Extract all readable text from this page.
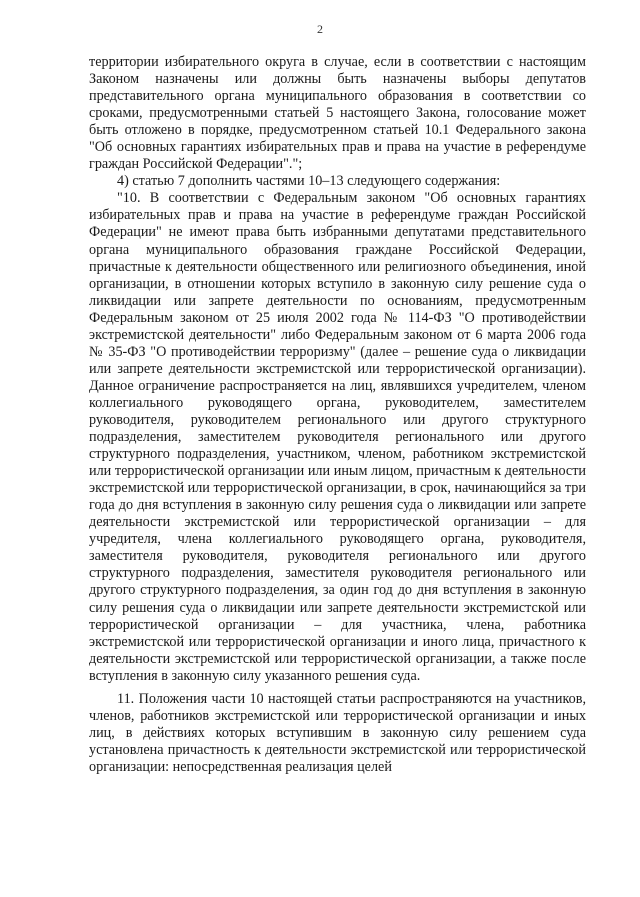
2

территории избирательного округа в случае, если в соответствии с настоящим Законом назначены или должны быть назначены выборы депутатов представительного органа муниципального образования в соответствии со сроками, предусмотренными статьей 5 настоящего Закона, голосование может быть отложено в порядке, предусмотренном статьей 10.1 Федерального закона "Об основных гарантиях избирательных прав и права на участие в референдуме граждан Российской Федерации".";

4) статью 7 дополнить частями 10–13 следующего содержания:

"10. В соответствии с Федеральным законом "Об основных гарантиях избирательных прав и права на участие в референдуме граждан Российской Федерации" не имеют права быть избранными депутатами представительного органа муниципального образования граждане Российской Федерации, причастные к деятельности общественного или религиозного объединения, иной организации, в отношении которых вступило в законную силу решение суда о ликвидации или запрете деятельности по основаниям, предусмотренным Федеральным законом от 25 июля 2002 года № 114-ФЗ "О противодействии экстремистской деятельности" либо Федеральным законом от 6 марта 2006 года № 35-ФЗ "О противодействии терроризму" (далее – решение суда о ликвидации или запрете деятельности экстремистской или террористической организации). Данное ограничение распространяется на лиц, являвшихся учредителем, членом коллегиального руководящего органа, руководителем, заместителем руководителя, руководителем регионального или другого структурного подразделения, заместителем руководителя регионального или другого структурного подразделения, участником, членом, работником экстремистской или террористической организации или иным лицом, причастным к деятельности экстремистской или террористической организации, в срок, начинающийся за три года до дня вступления в законную силу решения суда о ликвидации или запрете деятельности экстремистской или террористической организации – для учредителя, члена коллегиального руководящего органа, руководителя, заместителя руководителя, руководителя регионального или другого структурного подразделения, заместителя руководителя регионального или другого структурного подразделения, за один год до дня вступления в законную силу решения суда о ликвидации или запрете деятельности экстремистской или террористической организации – для участника, члена, работника экстремистской или террористической организации и иного лица, причастного к деятельности экстремистской или террористической организации, а также после вступления в законную силу указанного решения суда.

11. Положения части 10 настоящей статьи распространяются на участников, членов, работников экстремистской или террористической организации и иных лиц, в действиях которых вступившим в законную силу решением суда установлена причастность к деятельности экстремистской или террористической организации: непосредственная реализация целей
